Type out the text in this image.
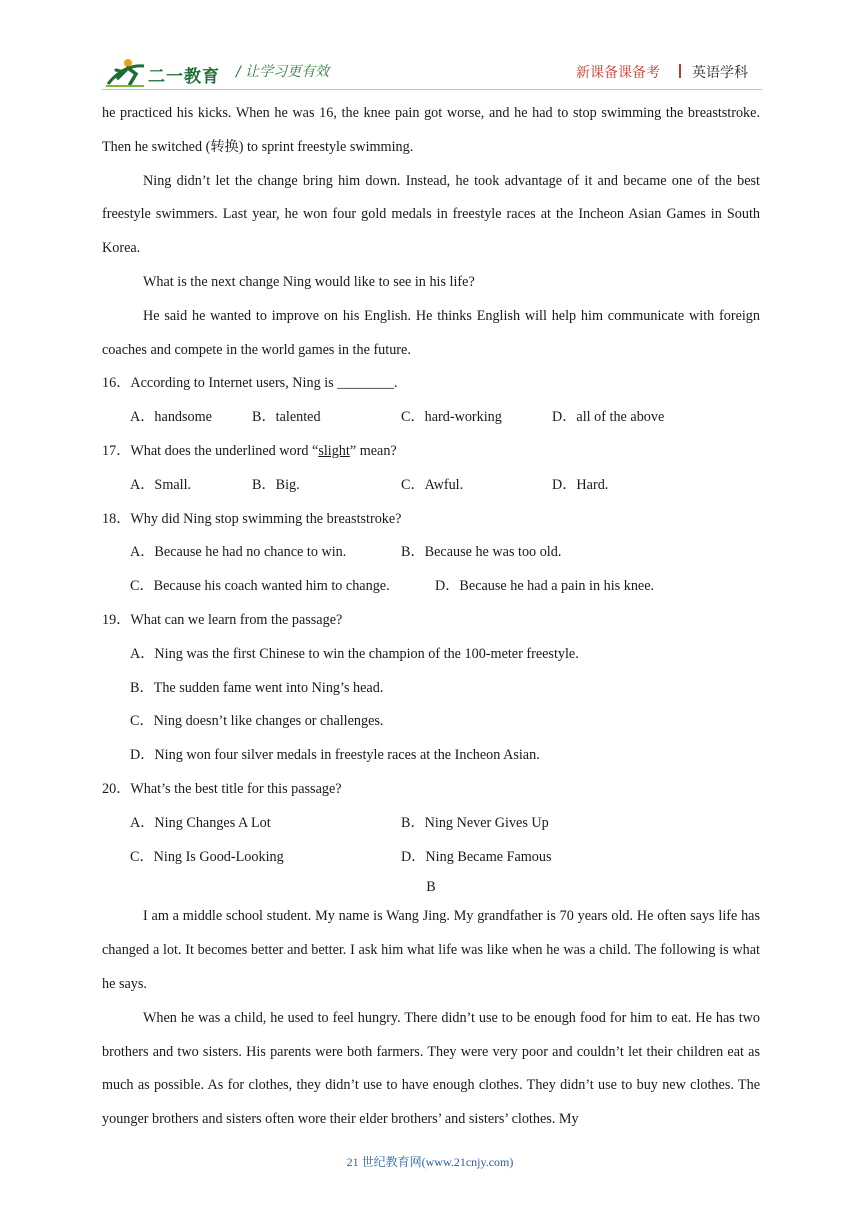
二一教育 / 让学习更有效	新课备课备考	英语学科

he practiced his kicks. When he was 16, the knee pain got worse, and he had to stop swimming the breaststroke. Then he switched (转换) to sprint freestyle swimming.

Ning didn’t let the change bring him down. Instead, he took advantage of it and became one of the best freestyle swimmers. Last year, he won four gold medals in freestyle races at the Incheon Asian Games in South Korea.

What is the next change Ning would like to see in his life?

He said he wanted to improve on his English. He thinks English will help him communicate with foreign coaches and compete in the world games in the future.

16．According to Internet users, Ning is ________.

A．handsome	B．talented	C．hard-working	D．all of the above

17．What does the underlined word “slight” mean?

A．Small.	B．Big.	C．Awful.	D．Hard.

18．Why did Ning stop swimming the breaststroke?

A．Because he had no chance to win.	B．Because he was too old.
C．Because his coach wanted him to change.	D．Because he had a pain in his knee.

19．What can we learn from the passage?

A．Ning was the first Chinese to win the champion of the 100-meter freestyle.

B．The sudden fame went into Ning’s head.

C．Ning doesn’t like changes or challenges.

D．Ning won four silver medals in freestyle races at the Incheon Asian.

20．What’s the best title for this passage?

A．Ning Changes A Lot	B．Ning Never Gives Up
C．Ning Is Good-Looking	D．Ning Became Famous

B

I am a middle school student. My name is Wang Jing. My grandfather is 70 years old. He often says life has changed a lot. It becomes better and better. I ask him what life was like when he was a child. The following is what he says.

When he was a child, he used to feel hungry. There didn’t use to be enough food for him to eat. He has two brothers and two sisters. His parents were both farmers. They were very poor and couldn’t let their children eat as much as possible. As for clothes, they didn’t use to have enough clothes. They didn’t use to buy new clothes. The younger brothers and sisters often wore their elder brothers’ and sisters’ clothes. My

21 世纪教育网(www.21cnjy.com)
